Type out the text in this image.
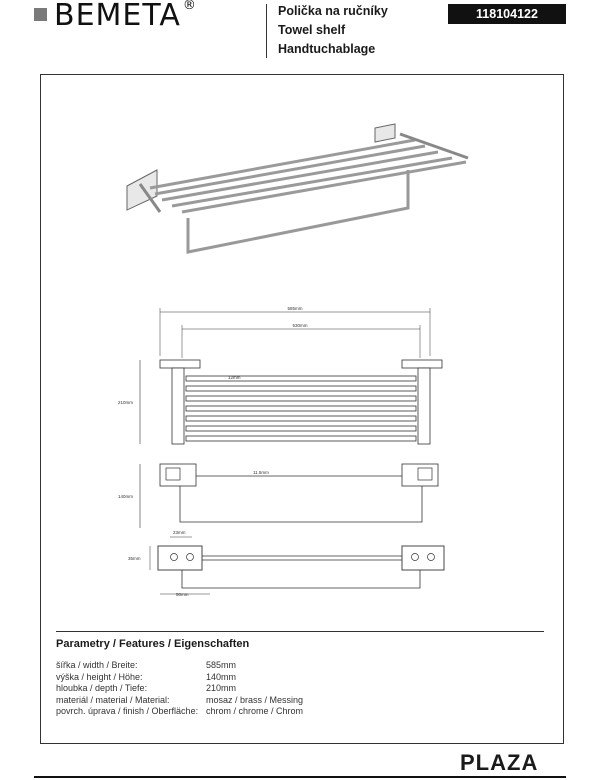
BEMETA ®	Polička na ručníky
Towel shelf
Handtuchablage
118104122
585mm
530mm
210mm
12mm
140mm
11.5mm
23mm
35mm
50mm
Parametry / Features / Eigenschaften
šířka / width / Breite:	585mm
výška / height / Höhe:	140mm
hloubka / depth / Tiefe:	210mm
materiál / material / Material:	mosaz / brass / Messing
povrch. úprava / finish / Oberfläche: chrom / chrome / Chrom
PLAZA
